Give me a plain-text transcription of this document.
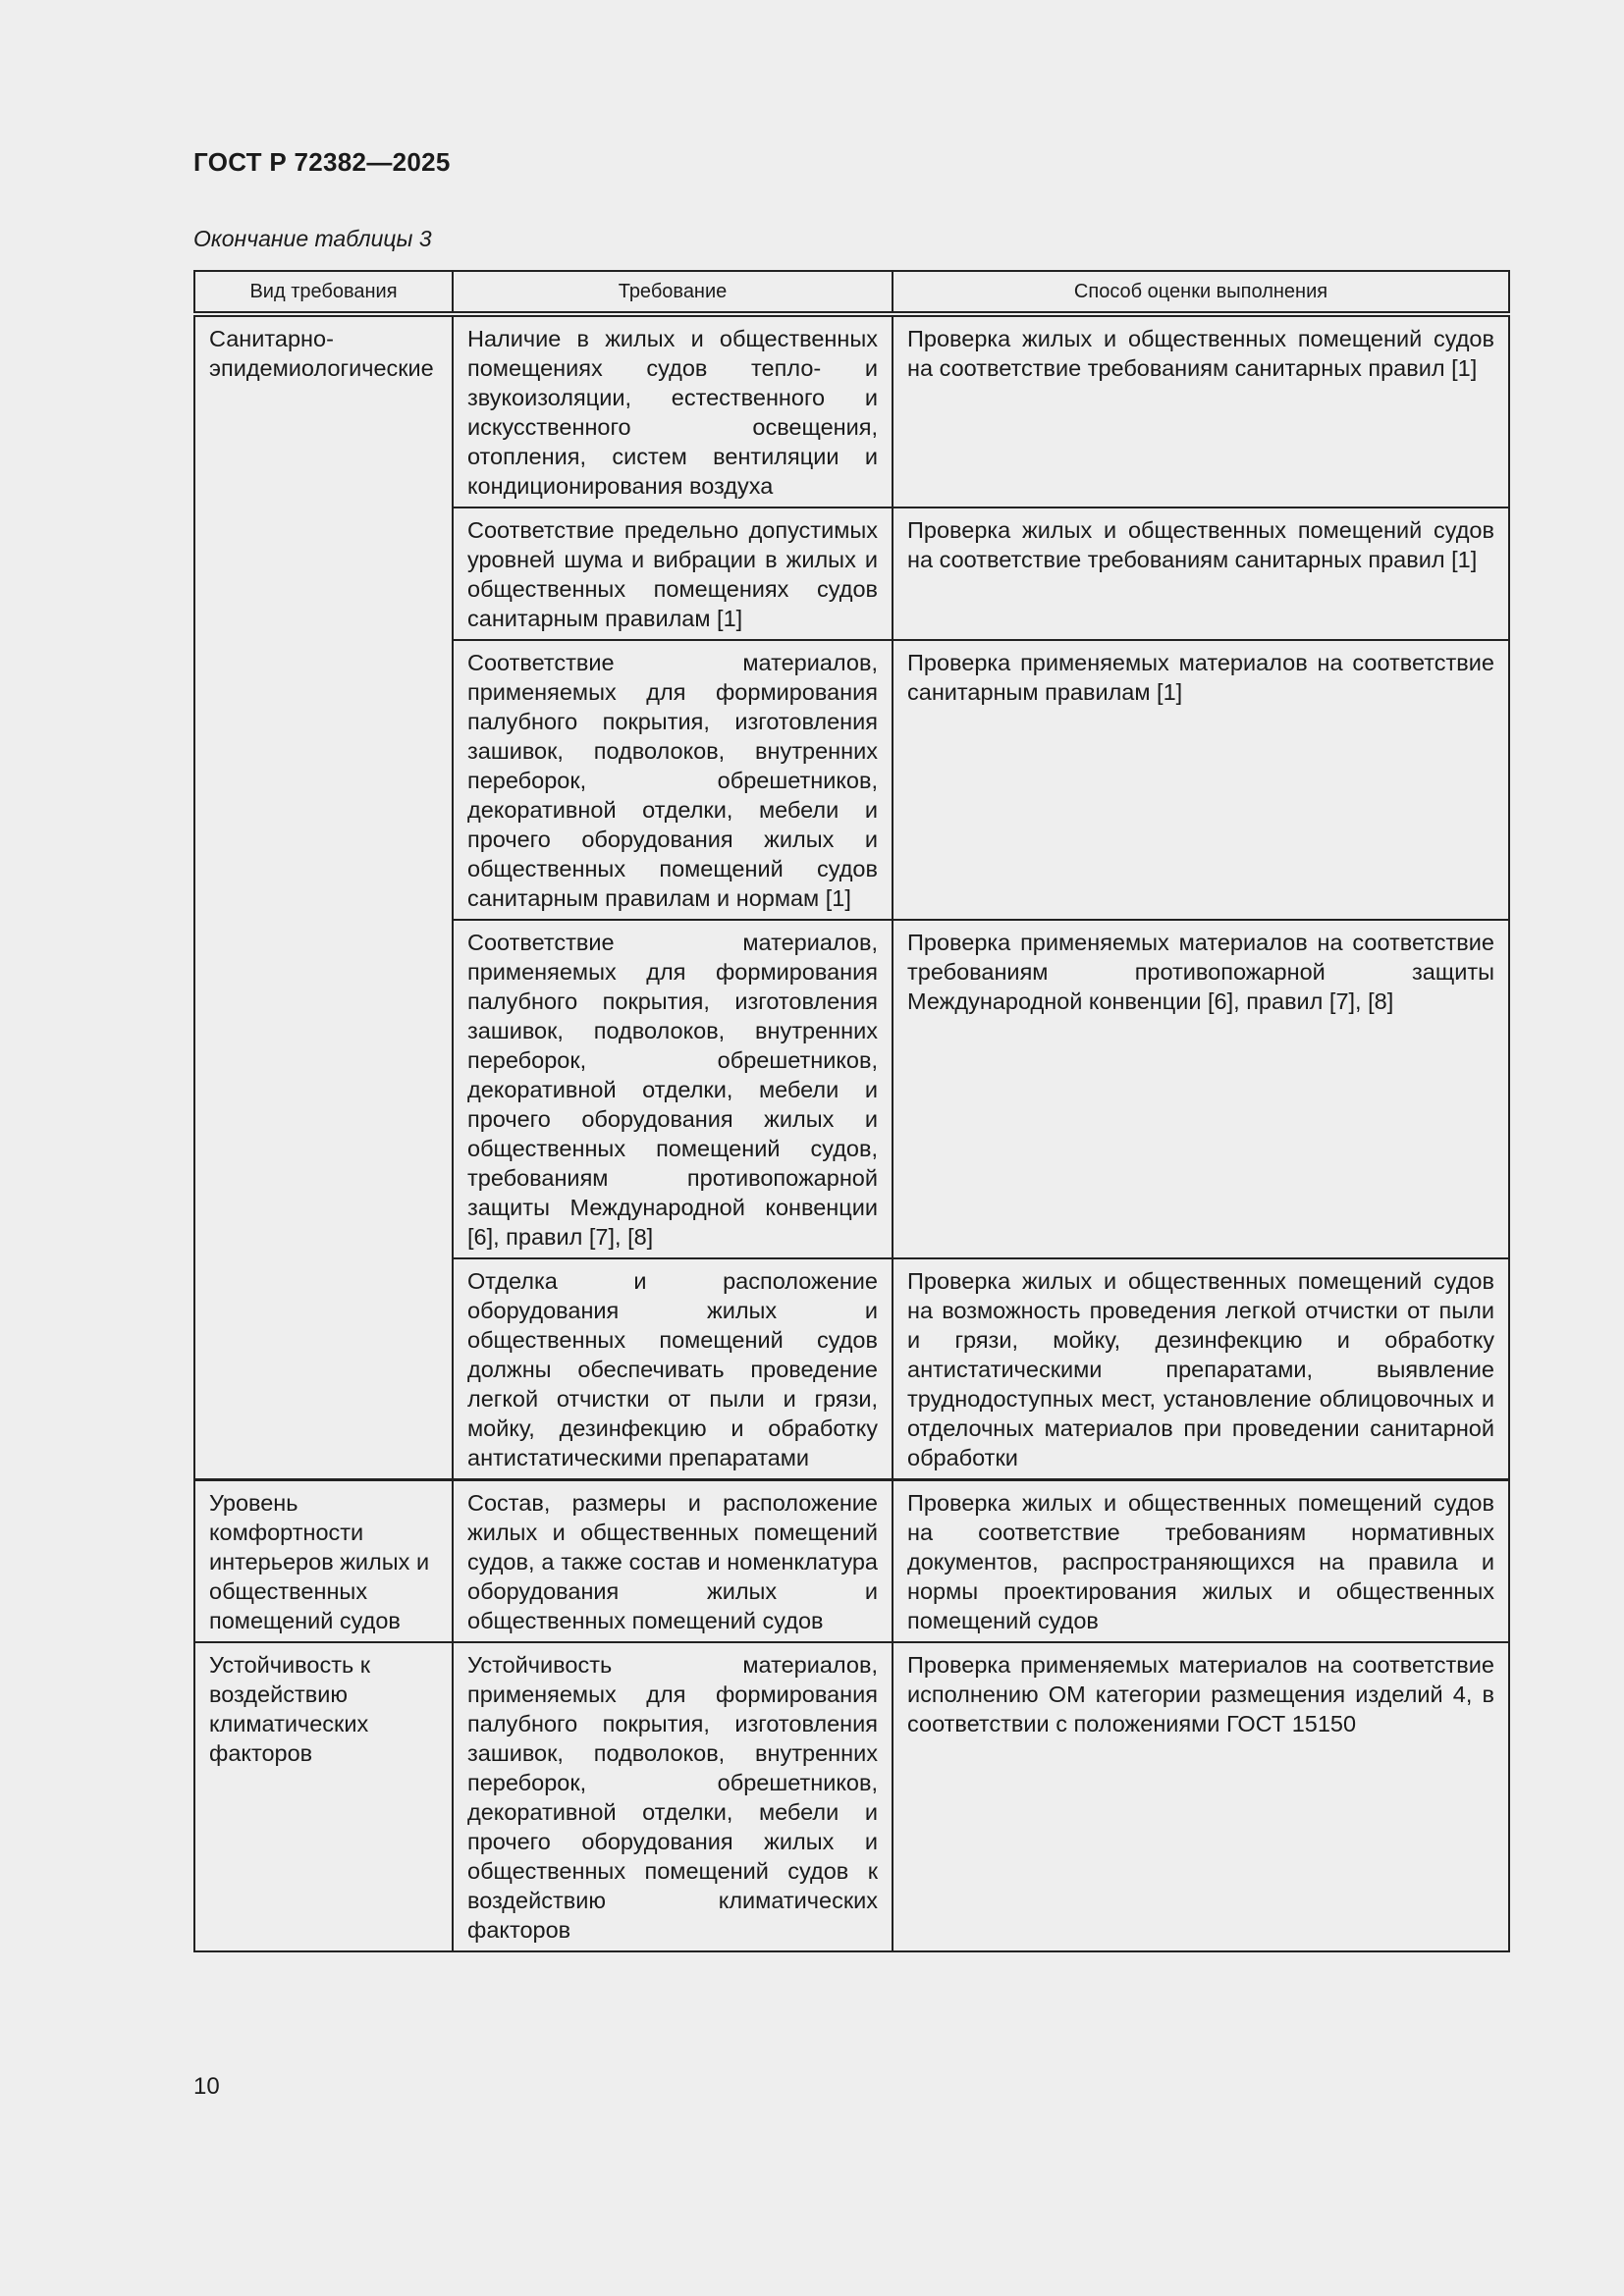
ГОСТ Р 72382—2025
Окончание таблицы 3
Вид требования	Требование	Способ оценки выполнения
Санитарно-эпидемиологические	Наличие в жилых и общественных помещениях судов тепло- и звукоизоляции, естественного и искусственного освещения, отопления, систем вентиляции и кондиционирования воздуха	Проверка жилых и общественных помещений судов на соответствие требованиям санитарных правил [1]
	Соответствие предельно допустимых уровней шума и вибрации в жилых и общественных помещениях судов санитарным правилам [1]	Проверка жилых и общественных помещений судов на соответствие требованиям санитарных правил [1]
	Соответствие материалов, применяемых для формирования палубного покрытия, изготовления зашивок, подволоков, внутренних переборок, обрешетников, декоративной отделки, мебели и прочего оборудования жилых и общественных помещений судов санитарным правилам и нормам [1]	Проверка применяемых материалов на соответствие санитарным правилам [1]
	Соответствие материалов, применяемых для формирования палубного покрытия, изготовления зашивок, подволоков, внутренних переборок, обрешетников, декоративной отделки, мебели и прочего оборудования жилых и общественных помещений судов, требованиям противопожарной защиты Международной конвенции [6], правил [7], [8]	Проверка применяемых материалов на соответствие требованиям противопожарной защиты Международной конвенции [6], правил [7], [8]
	Отделка и расположение оборудования жилых и общественных помещений судов должны обеспечивать проведение легкой отчистки от пыли и грязи, мойку, дезинфекцию и обработку антистатическими препаратами	Проверка жилых и общественных помещений судов на возможность проведения легкой отчистки от пыли и грязи, мойку, дезинфекцию и обработку антистатическими препаратами, выявление труднодоступных мест, установление облицовочных и отделочных материалов при проведении санитарной обработки
Уровень комфортности интерьеров жилых и общественных помещений судов	Состав, размеры и расположение жилых и общественных помещений судов, а также состав и номенклатура оборудования жилых и общественных помещений судов	Проверка жилых и общественных помещений судов на соответствие требованиям нормативных документов, распространяющихся на правила и нормы проектирования жилых и общественных помещений судов
Устойчивость к воздействию климатических факторов	Устойчивость материалов, применяемых для формирования палубного покрытия, изготовления зашивок, подволоков, внутренних переборок, обрешетников, декоративной отделки, мебели и прочего оборудования жилых и общественных помещений судов к воздействию климатических факторов	Проверка применяемых материалов на соответствие исполнению ОМ категории размещения изделий 4, в соответствии с положениями ГОСТ 15150
10
